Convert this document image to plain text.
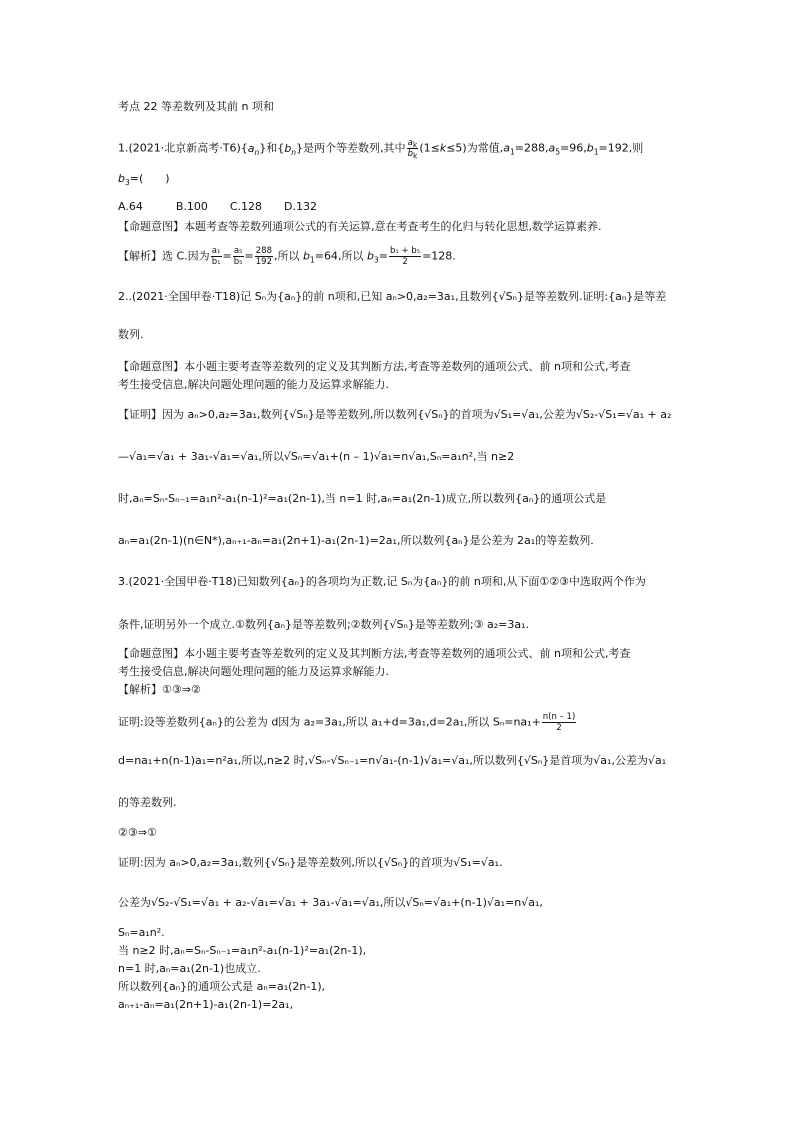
考点 22 等差数列及其前 n 项和
1.(2021·北京新高考$\cdot T6)\{a_n\}$和$\{b_n\}$是两个等差数列,其中 $\frac{a_k}{b_k} (1\le k\le 5)$为常值$,a_1=288,a_5=96,b_1=192$,则
$b_3=$(　　)
A.64　　　B.100　　C.128　　D.132
【命题意图】本题考查等差数列通项公式的有关运算,意在考查考生的化归与转化思想,数学运算素养.
【解析】选 C.因为 $\frac{\text{a₁}}{\text{b₁}} = \frac{\text{a₅}}{\text{b₅}} = \frac{288}{192}$ ,所以 $b_1=64$,所以 $b_3= \frac{\text{b₁ + b₅}}{2} =128$.
2..(2021·全国甲卷·T18)记 Sₙ为{aₙ}的前 n项和,已知 aₙ>0,a₂=3a₁,且数列{√Sₙ}是等差数列.证明:{aₙ}是等差
数列.
【命题意图】本小题主要考查等差数列的定义及其判断方法,考查等差数列的通项公式、前 n项和公式,考查
考生接受信息,解决问题处理问题的能力及运算求解能力.
【证明】因为 aₙ>0,a₂=3a₁,数列{√Sₙ}是等差数列,所以数列{√Sₙ}的首项为√S₁=√a₁,公差为√S₂-√S₁=√a₁ + a₂
—√a₁=√a₁ + 3a₁-√a₁=√a₁,所以√Sₙ=√a₁+(n – 1)√a₁=n√a₁,Sₙ=a₁n²,当 n≥2
时,aₙ=Sₙ-Sₙ₋₁=a₁n²-a₁(n-1)²=a₁(2n-1),当 n=1 时,aₙ=a₁(2n-1)成立,所以数列{aₙ}的通项公式是
aₙ=a₁(2n-1)(n∈N*),aₙ₊₁-aₙ=a₁(2n+1)-a₁(2n-1)=2a₁,所以数列{aₙ}是公差为 2a₁的等差数列.
3.(2021·全国甲卷·T18)已知数列{aₙ}的各项均为正数,记 Sₙ为{aₙ}的前 n项和,从下面①②③中选取两个作为
条件,证明另外一个成立.①数列{aₙ}是等差数列;②数列{√Sₙ}是等差数列;③ a₂=3a₁.
【命题意图】本小题主要考查等差数列的定义及其判断方法,考查等差数列的通项公式、前 n项和公式,考查
考生接受信息,解决问题处理问题的能力及运算求解能力.
【解析】①③⇒②
证明:设等差数列{aₙ}的公差为 d因为 a₂=3a₁,所以 a₁+d=3a₁,d=2a₁,所以 $S_n=na_1+ \frac{n(n - 1)}{2}$
d=na₁+n(n-1)a₁=n²a₁,所以,n≥2 时,√Sₙ-√Sₙ₋₁=n√a₁-(n-1)√a₁=√a₁,所以数列{√Sₙ}是首项为√a₁,公差为√a₁
的等差数列.
②③⇒①
证明:因为 aₙ>0,a₂=3a₁,数列{√Sₙ}是等差数列,所以{√Sₙ}的首项为√S₁=√a₁.
公差为√S₂-√S₁=√a₁ + a₂-√a₁=√a₁ + 3a₁-√a₁=√a₁,所以√Sₙ=√a₁+(n-1)√a₁=n√a₁,
Sₙ=a₁n².
当 n≥2 时,aₙ=Sₙ-Sₙ₋₁=a₁n²-a₁(n-1)²=a₁(2n-1),
n=1 时,aₙ=a₁(2n-1)也成立.
所以数列{aₙ}的通项公式是 aₙ=a₁(2n-1),
aₙ₊₁-aₙ=a₁(2n+1)-a₁(2n-1)=2a₁,
